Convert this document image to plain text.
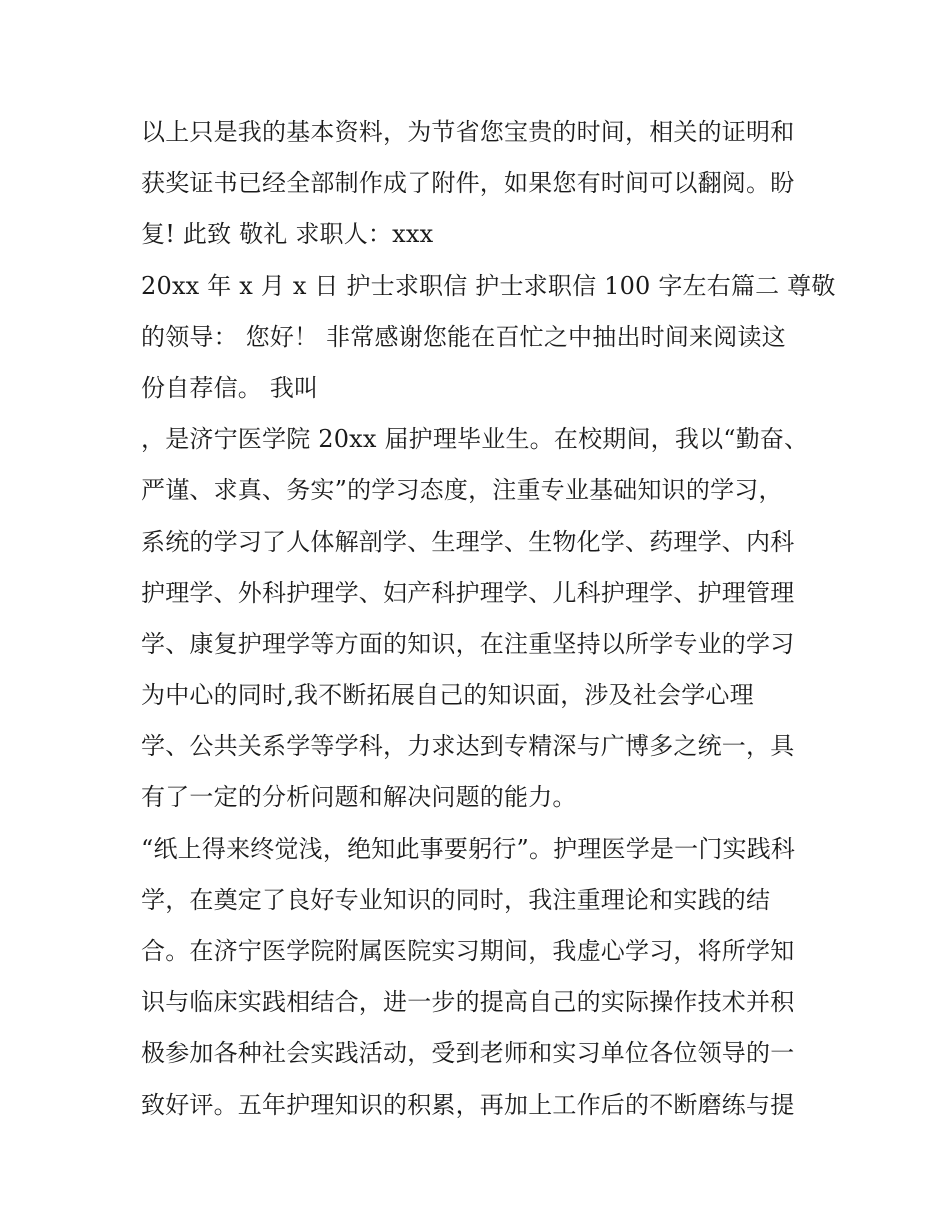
以上只是我的基本资料，为节省您宝贵的时间，相关的证明和
获奖证书已经全部制作成了附件，如果您有时间可以翻阅。盼
复! 此致 敬礼 求职人：xxx
20xx 年 x 月 x 日 护士求职信 护士求职信 100 字左右篇二 尊敬
的领导： 您好！ 非常感谢您能在百忙之中抽出时间来阅读这
份自荐信。 我叫
，是济宁医学院 20xx 届护理毕业生。在校期间，我以“勤奋、
严谨、求真、务实”的学习态度，注重专业基础知识的学习，
系统的学习了人体解剖学、生理学、生物化学、药理学、内科
护理学、外科护理学、妇产科护理学、儿科护理学、护理管理
学、康复护理学等方面的知识，在注重坚持以所学专业的学习
为中心的同时,我不断拓展自己的知识面，涉及社会学心理
学、公共关系学等学科，力求达到专精深与广博多之统一，具
有了一定的分析问题和解决问题的能力。
“纸上得来终觉浅，绝知此事要躬行”。护理医学是一门实践科
学，在奠定了良好专业知识的同时，我注重理论和实践的结
合。在济宁医学院附属医院实习期间，我虚心学习，将所学知
识与临床实践相结合，进一步的提高自己的实际操作技术并积
极参加各种社会实践活动，受到老师和实习单位各位领导的一
致好评。五年护理知识的积累，再加上工作后的不断磨练与提
